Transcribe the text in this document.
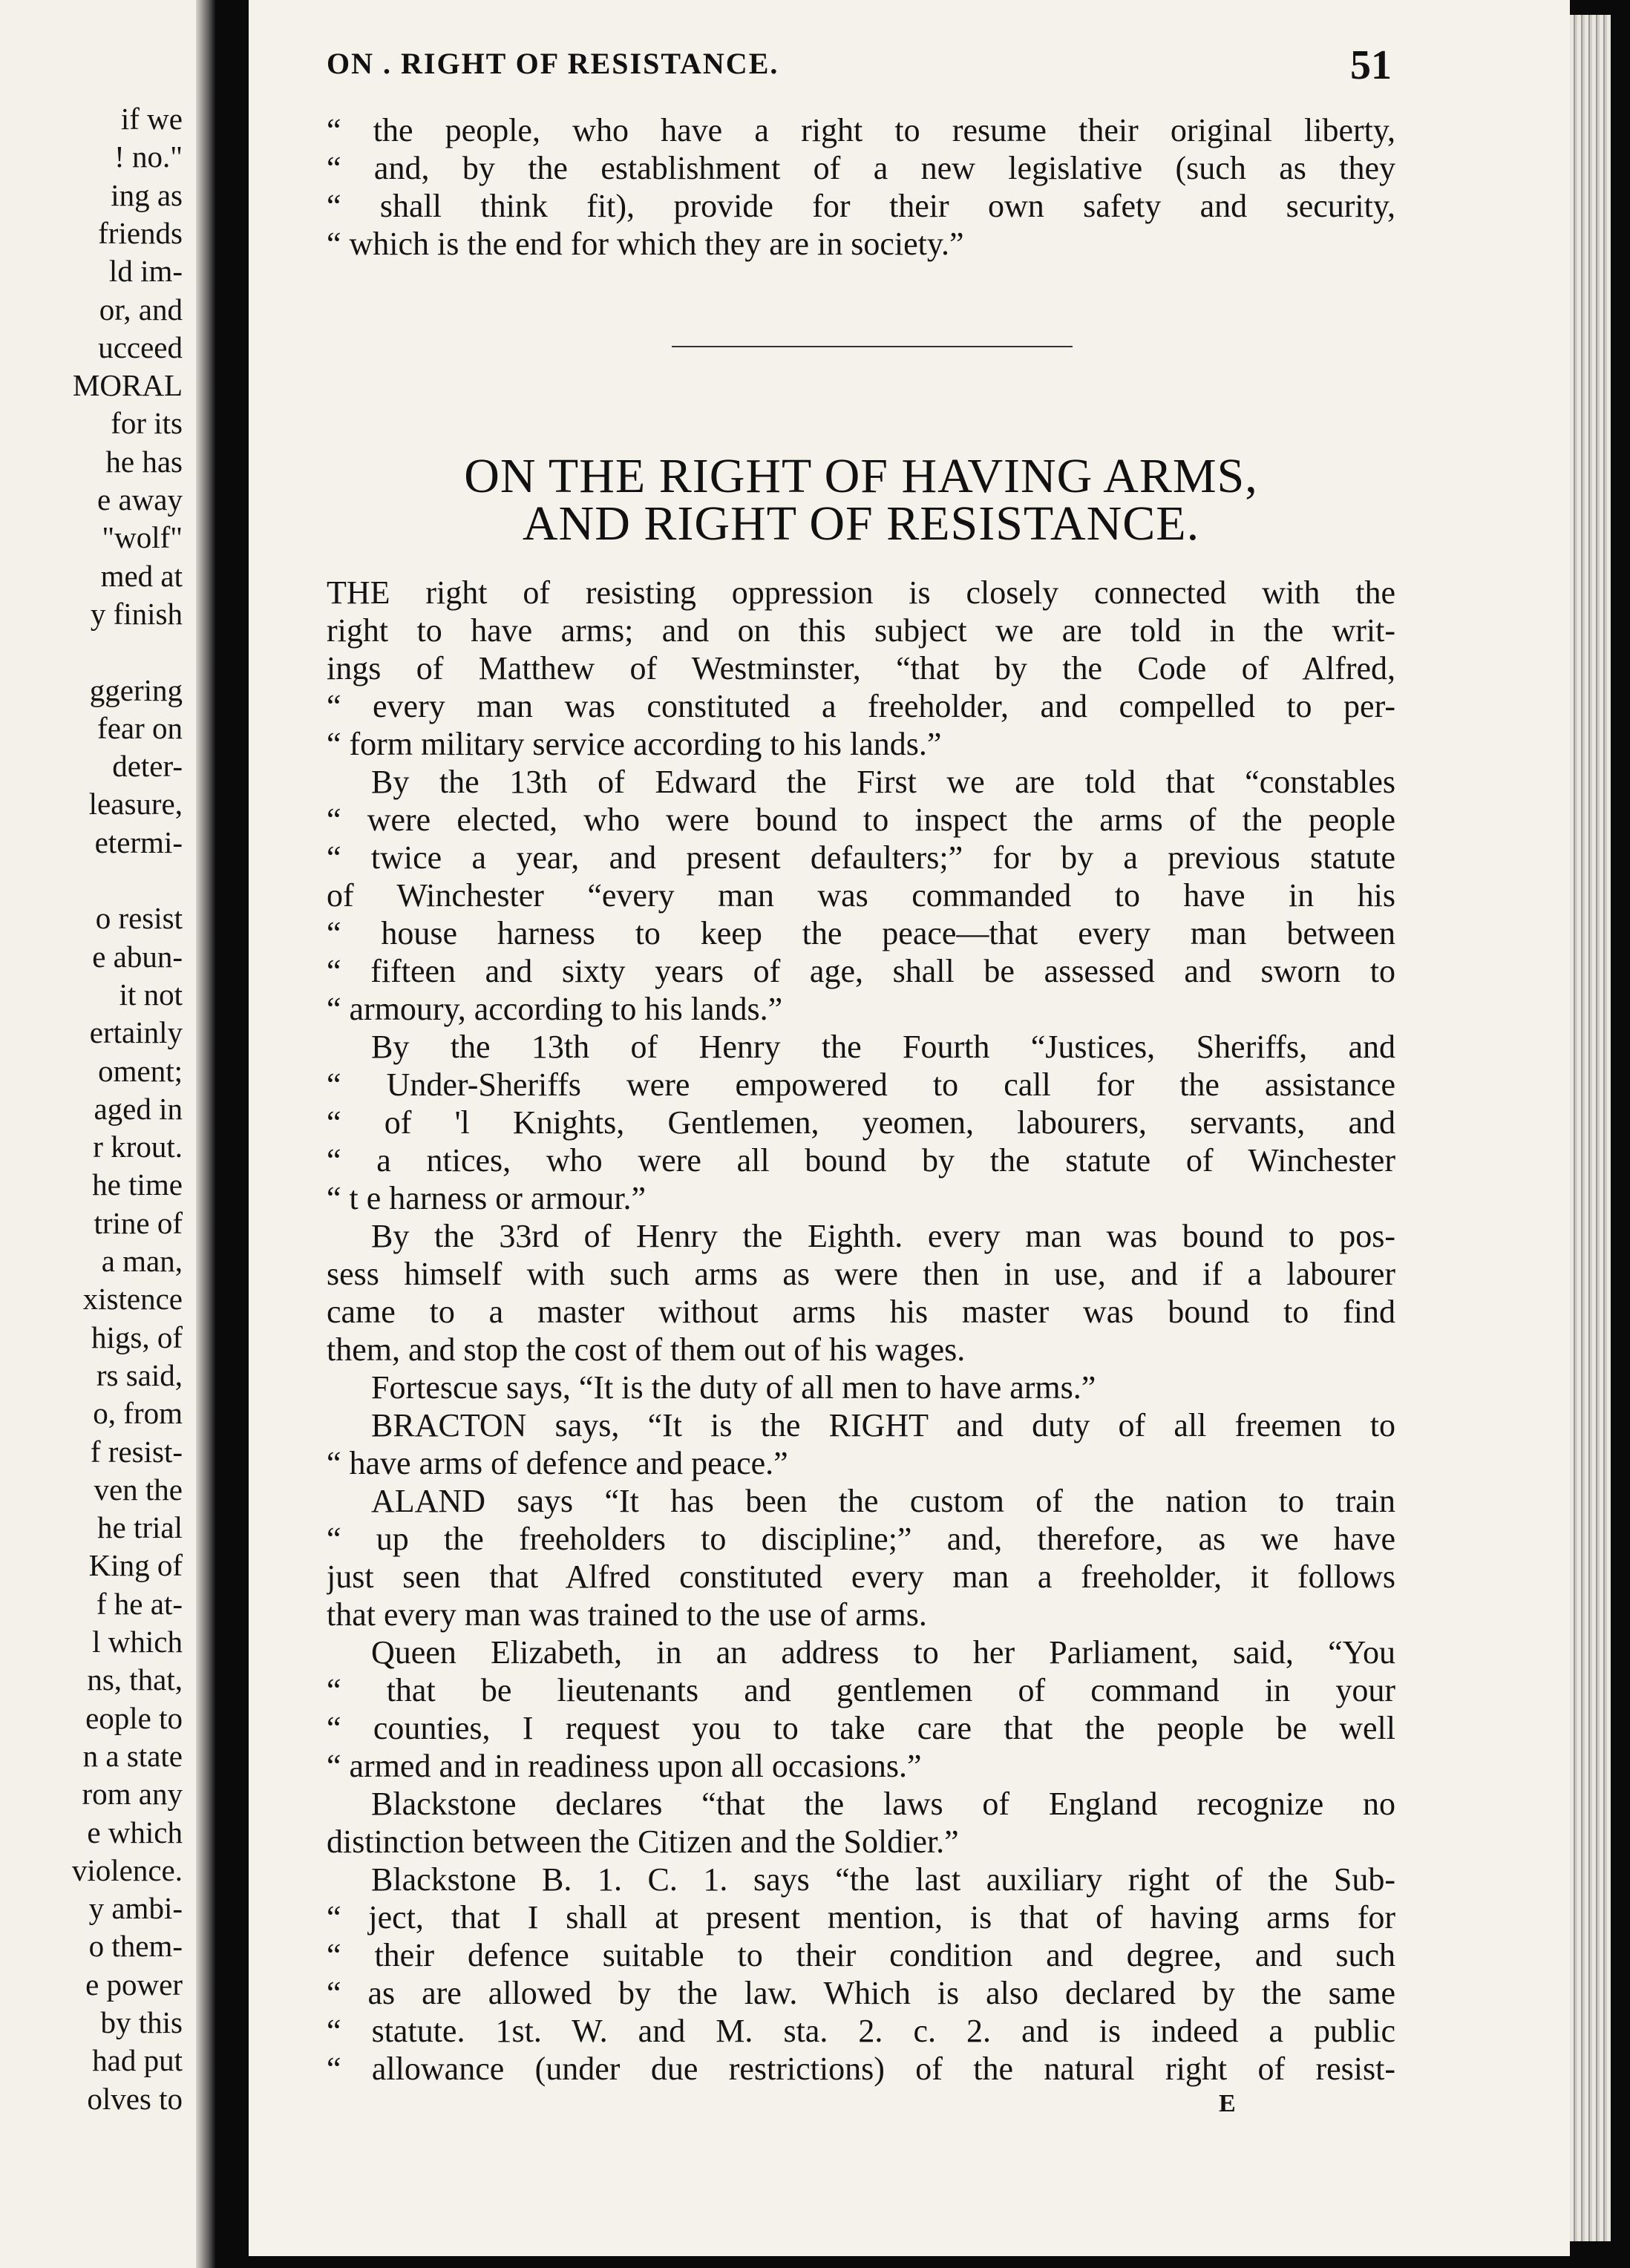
if we
! no."
ing as
friends
ld im-
or, and
ucceed
MORAL
for its
he has
e away
"wolf"
med at
y finish
ggering
fear on
deter-
leasure,
etermi-
o resist
e abun-
it not
ertainly
oment;
aged in
r krout.
he time
trine of
a man,
xistence
higs, of
rs said,
o, from
f resist-
ven the
he trial
King of
f he at-
l which
ns, that,
eople to
n a state
rom any
e which
violence.
y ambi-
o them-
e power
by this
had put
olves to
ON . RIGHT OF RESISTANCE.	51
“ the people, who have a right to resume their original liberty,
“ and, by the establishment of a new legislative (such as they
“ shall think fit), provide for their own safety and security,
“ which is the end for which they are in society.”
ON THE RIGHT OF HAVING ARMS,
AND RIGHT OF RESISTANCE.
THE right of resisting oppression is closely connected with the
right to have arms; and on this subject we are told in the writ-
ings of Matthew of Westminster, “that by the Code of Alfred,
“ every man was constituted a freeholder, and compelled to per-
“ form military service according to his lands.”
By the 13th of Edward the First we are told that “constables
“ were elected, who were bound to inspect the arms of the people
“ twice a year, and present defaulters;” for by a previous statute
of Winchester “every man was commanded to have in his
“ house harness to keep the peace—that every man between
“ fifteen and sixty years of age, shall be assessed and sworn to
“ armoury, according to his lands.”
By the 13th of Henry the Fourth “Justices, Sheriffs, and
“ Under-Sheriffs were empowered to call for the assistance
“ of 'l Knights, Gentlemen, yeomen, labourers, servants, and
“ a ntices, who were all bound by the statute of Winchester
“ t e harness or armour.”
By the 33rd of Henry the Eighth. every man was bound to pos-
sess himself with such arms as were then in use, and if a labourer
came to a master without arms his master was bound to find
them, and stop the cost of them out of his wages.
Fortescue says, “It is the duty of all men to have arms.”
BRACTON says, “It is the RIGHT and duty of all freemen to
“ have arms of defence and peace.”
ALAND says “It has been the custom of the nation to train
“ up the freeholders to discipline;” and, therefore, as we have
just seen that Alfred constituted every man a freeholder, it follows
that every man was trained to the use of arms.
Queen Elizabeth, in an address to her Parliament, said, “You
“ that be lieutenants and gentlemen of command in your
“ counties, I request you to take care that the people be well
“ armed and in readiness upon all occasions.”
Blackstone declares “that the laws of England recognize no
distinction between the Citizen and the Soldier.”
Blackstone B. 1. C. 1. says “the last auxiliary right of the Sub-
“ ject, that I shall at present mention, is that of having arms for
“ their defence suitable to their condition and degree, and such
“ as are allowed by the law. Which is also declared by the same
“ statute. 1st. W. and M. sta. 2. c. 2. and is indeed a public
“ allowance (under due restrictions) of the natural right of resist-
E
